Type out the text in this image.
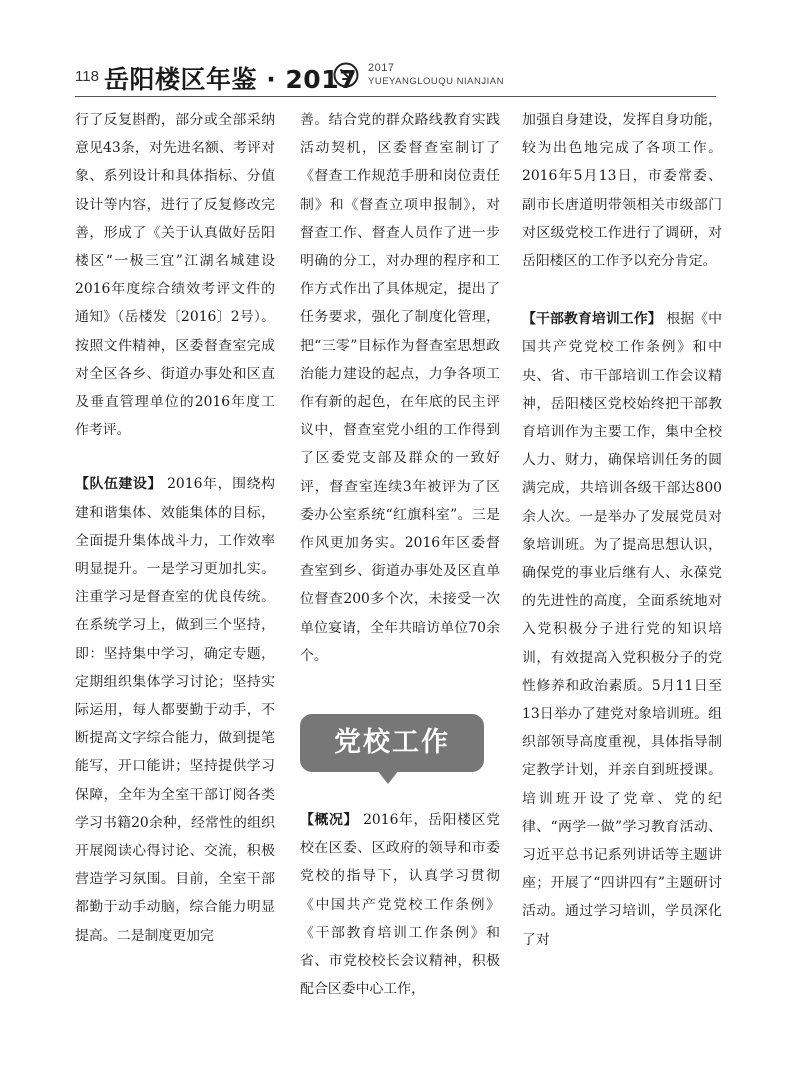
118 岳阳楼区年鉴 · 2017 2017
YUEYANGLOUQU NIANJIAN

行了反复斟酌，部分或全部采纳意见43条，对先进名额、考评对象、系列设计和具体指标、分值设计等内容，进行了反复修改完善，形成了《关于认真做好岳阳楼区“一极三宜”江湖名城建设2016年度综合绩效考评文件的通知》（岳楼发〔2016〕2号）。按照文件精神，区委督查室完成对全区各乡、街道办事处和区直及垂直管理单位的2016年度工作考评。

【队伍建设】 2016年，围绕构建和谐集体、效能集体的目标，全面提升集体战斗力，工作效率明显提升。一是学习更加扎实。注重学习是督查室的优良传统。在系统学习上，做到三个坚持，即：坚持集中学习，确定专题，定期组织集体学习讨论；坚持实际运用，每人都要勤于动手，不断提高文字综合能力，做到提笔能写，开口能讲；坚持提供学习保障，全年为全室干部订阅各类学习书籍20余种，经常性的组织开展阅读心得讨论、交流，积极营造学习氛围。目前，全室干部都勤于动手动脑，综合能力明显提高。二是制度更加完

善。结合党的群众路线教育实践活动契机，区委督查室制订了《督查工作规范手册和岗位责任制》和《督查立项申报制》，对督查工作、督查人员作了进一步明确的分工，对办理的程序和工作方式作出了具体规定，提出了任务要求，强化了制度化管理，把“三零”目标作为督查室思想政治能力建设的起点，力争各项工作有新的起色，在年底的民主评议中，督查室党小组的工作得到了区委党支部及群众的一致好评，督查室连续3年被评为了区委办公室系统“红旗科室”。三是作风更加务实。2016年区委督查室到乡、街道办事处及区直单位督查200多个次，未接受一次单位宴请，全年共暗访单位70余个。

党校工作

【概况】 2016年，岳阳楼区党校在区委、区政府的领导和市委党校的指导下，认真学习贯彻《中国共产党党校工作条例》《干部教育培训工作条例》和省、市党校校长会议精神，积极配合区委中心工作，

加强自身建设，发挥自身功能，较为出色地完成了各项工作。2016年5月13日，市委常委、副市长唐道明带领相关市级部门对区级党校工作进行了调研，对岳阳楼区的工作予以充分肯定。

【干部教育培训工作】 根据《中国共产党党校工作条例》和中央、省、市干部培训工作会议精神，岳阳楼区党校始终把干部教育培训作为主要工作，集中全校人力、财力，确保培训任务的圆满完成，共培训各级干部达800余人次。一是举办了发展党员对象培训班。为了提高思想认识，确保党的事业后继有人、永葆党的先进性的高度，全面系统地对入党积极分子进行党的知识培训，有效提高入党积极分子的党性修养和政治素质。5月11日至13日举办了建党对象培训班。组织部领导高度重视，具体指导制定教学计划，并亲自到班授课。培训班开设了党章、党的纪律、“两学一做”学习教育活动、习近平总书记系列讲话等主题讲座；开展了“四讲四有”主题研讨活动。通过学习培训，学员深化了对
